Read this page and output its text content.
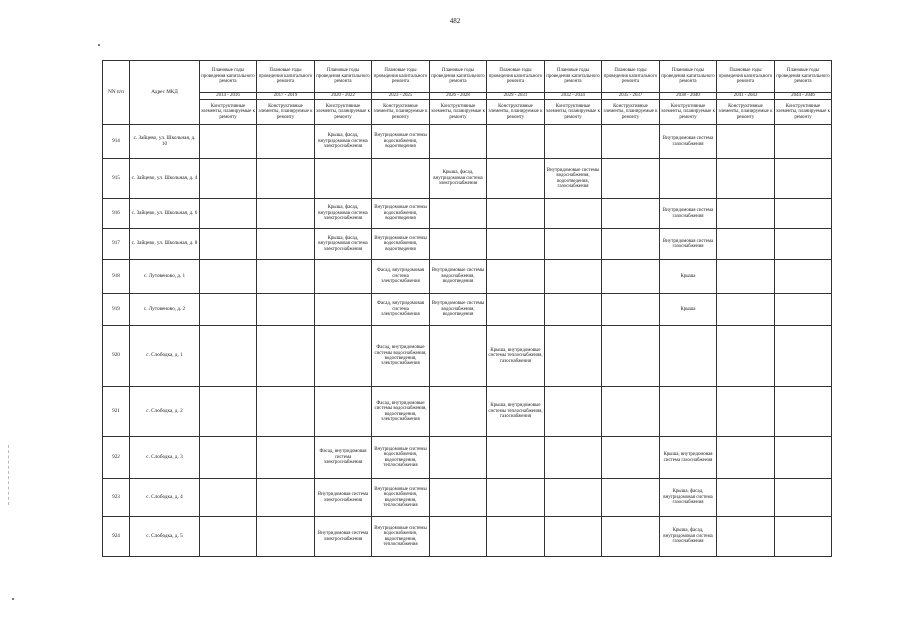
482
NN п/п	Адрес МКД	Плановые годы проведения капитального ремонта	Плановые годы проведения капитального ремонта	Плановые годы проведения капитального ремонта	Плановые годы проведения капитального ремонта	Плановые годы проведения капитального ремонта	Плановые годы проведения капитального ремонта	Плановые годы проведения капитального ремонта	Плановые годы проведения капитального ремонта	Плановые годы проведения капитального ремонта	Плановые годы проведения капитального ремонта	Плановые годы проведения капитального ремонта
		2014 - 2016	2017 - 2019	2020 - 2022	2023 - 2025	2026 - 2028	2029 - 2031	2032 - 2034	2035 - 2037	2038 - 2040	2041 - 2043	2044 - 2046
		Конструктивные элементы, планируемые к ремонту	Конструктивные элементы, планируемые к ремонту	Конструктивные элементы, планируемые к ремонту	Конструктивные элементы, планируемые к ремонту	Конструктивные элементы, планируемые к ремонту	Конструктивные элементы, планируемые к ремонту	Конструктивные элементы, планируемые к ремонту	Конструктивные элементы, планируемые к ремонту	Конструктивные элементы, планируемые к ремонту	Конструктивные элементы, планируемые к ремонту	Конструктивные элементы, планируемые к ремонту
914	с. Зайцево, ул. Школьная, д. 10			Крыша, фасад, внутридомовая система электроснабжения	Внутридомовые системы водоснабжения, водоотведения					Внутридомовая система газоснабжения		
915	с. Зайцево, ул. Школьная, д. 4					Крыша, фасад, внутридомовая система электроснабжения		Внутридомовые системы водоснабжения, водоотведения, газоснабжения				
916	с. Зайцево, ул. Школьная, д. 6			Крыша, фасад, внутридомовая система электроснабжения	Внутридомовые системы водоснабжения, водоотведения					Внутридомовая система газоснабжения		
917	с. Зайцево, ул. Школьная, д. 8			Крыша, фасад, внутридомовая система электроснабжения	Внутридомовые системы водоснабжения, водоотведения					Внутридомовая система газоснабжения		
918	с. Лутовеново, д. 1				Фасад, внутридомовая система электроснабжения	Внутридомовые системы водоснабжения, водоотведения				Крыша		
919	с. Лутовеново, д. 2				Фасад, внутридомовая система электроснабжения	Внутридомовые системы водоснабжения, водоотведения				Крыша		
920	с. Слободка, д. 1				Фасад, внутридомовые системы водоснабжения, водоотведения, электроснабжения		Крыша, внутридомовые системы теплоснабжения, газоснабжения					
921	с. Слободка, д. 2				Фасад, внутридомовые системы водоснабжения, водоотведения, электроснабжения		Крыша, внутридомовые системы теплоснабжения, газоснабжения					
922	с. Слободка, д. 3			Фасад, внутридомовая система электроснабжения	Внутридомовые системы водоснабжения, водоотведения, теплоснабжения					Крыша, внутридомовая система газоснабжения		
923	с. Слободка, д. 4			Внутридомовая система электроснабжения	Внутридомовые системы водоснабжения, водоотведения, теплоснабжения					Крыша, фасад, внутридомовая система газоснабжения		
924	с. Слободка, д. 5			Внутридомовая система электроснабжения	Внутридомовые системы водоснабжения, водоотведения, теплоснабжения					Крыша, фасад, внутридомовая система газоснабжения		
